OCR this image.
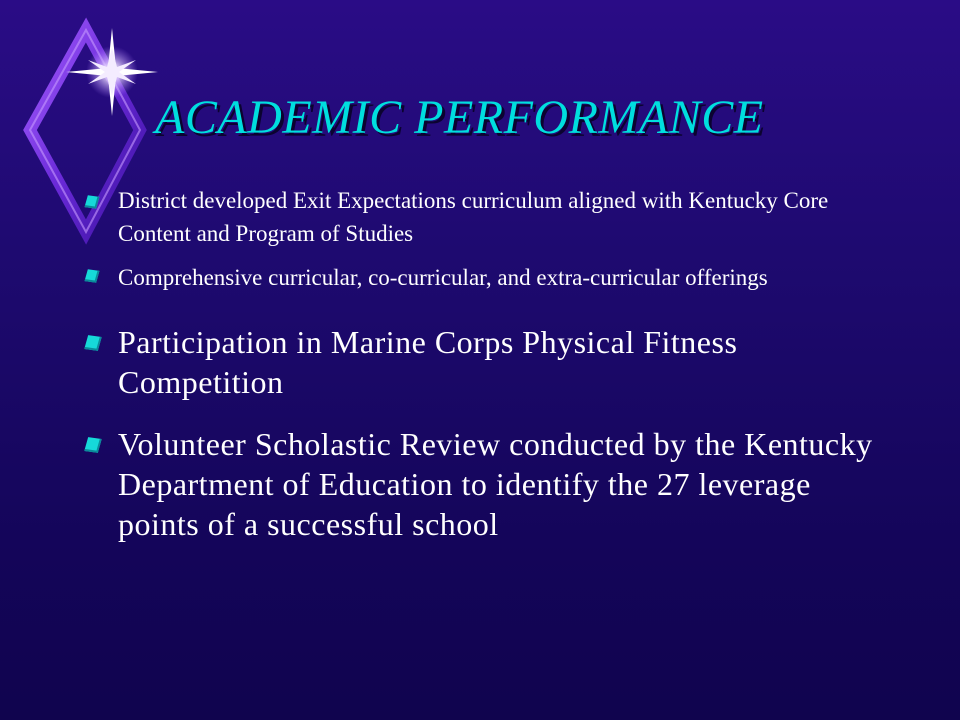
ACADEMIC PERFORMANCE
District developed Exit Expectations curriculum aligned with Kentucky Core Content and Program of Studies
Comprehensive curricular, co-curricular, and extra-curricular offerings
Participation in Marine Corps Physical Fitness Competition
Volunteer Scholastic Review conducted by the Kentucky Department of Education to identify the 27 leverage points of a successful school
